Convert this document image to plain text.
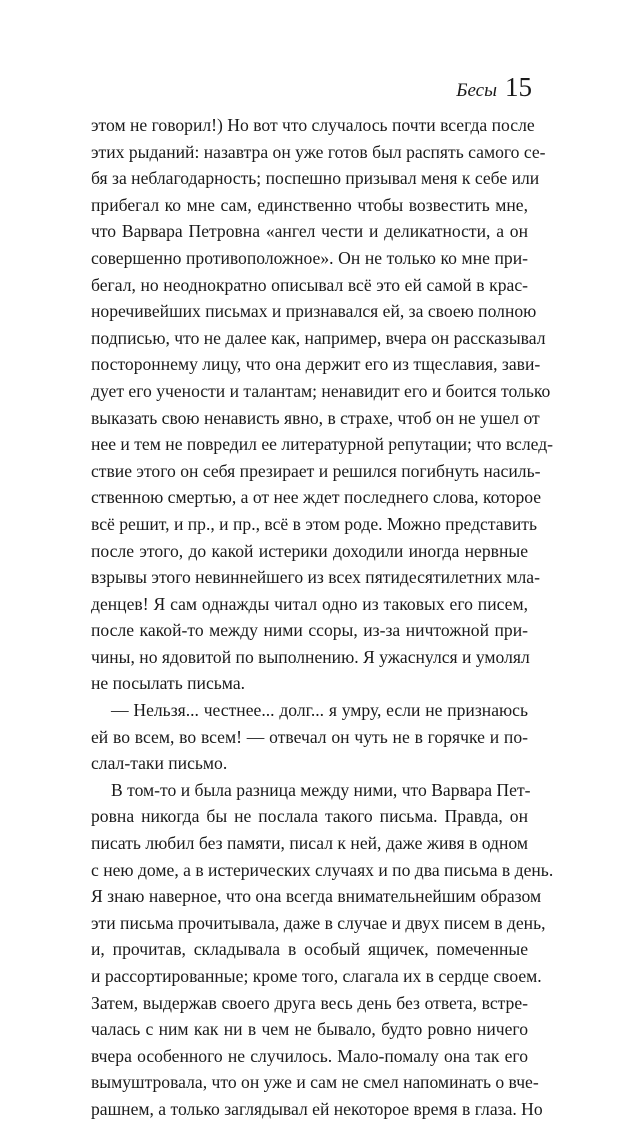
Бесы 15
этом не говорил!) Но вот что случалось почти всегда после
этих рыданий: назавтра он уже готов был распять самого се-
бя за неблагодарность; поспешно призывал меня к себе или
прибегал ко мне сам, единственно чтобы возвестить мне,
что Варвара Петровна «ангел чести и деликатности, а он
совершенно противоположное». Он не только ко мне при-
бегал, но неоднократно описывал всё это ей самой в крас-
норечивейших письмах и признавался ей, за своею полною
подписью, что не далее как, например, вчера он рассказывал
постороннему лицу, что она держит его из тщеславия, зави-
дует его учености и талантам; ненавидит его и боится только
выказать свою ненависть явно, в страхе, чтоб он не ушел от
нее и тем не повредил ее литературной репутации; что вслед-
ствие этого он себя презирает и решился погибнуть насиль-
ственною смертью, а от нее ждет последнего слова, которое
всё решит, и пр., и пр., всё в этом роде. Можно представить
после этого, до какой истерики доходили иногда нервные
взрывы этого невиннейшего из всех пятидесятилетних мла-
денцев! Я сам однажды читал одно из таковых его писем,
после какой-то между ними ссоры, из-за ничтожной при-
чины, но ядовитой по выполнению. Я ужаснулся и умолял
не посылать письма.
— Нельзя... честнее... долг... я умру, если не признаюсь
ей во всем, во всем! — отвечал он чуть не в горячке и по-
слал-таки письмо.
В том-то и была разница между ними, что Варвара Пет-
ровна никогда бы не послала такого письма. Правда, он
писать любил без памяти, писал к ней, даже живя в одном
с нею доме, а в истерических случаях и по два письма в день.
Я знаю наверное, что она всегда внимательнейшим образом
эти письма прочитывала, даже в случае и двух писем в день,
и, прочитав, складывала в особый ящичек, помеченные
и рассортированные; кроме того, слагала их в сердце своем.
Затем, выдержав своего друга весь день без ответа, встре-
чалась с ним как ни в чем не бывало, будто ровно ничего
вчера особенного не случилось. Мало-помалу она так его
вымуштровала, что он уже и сам не смел напоминать о вче-
рашнем, а только заглядывал ей некоторое время в глаза. Но
